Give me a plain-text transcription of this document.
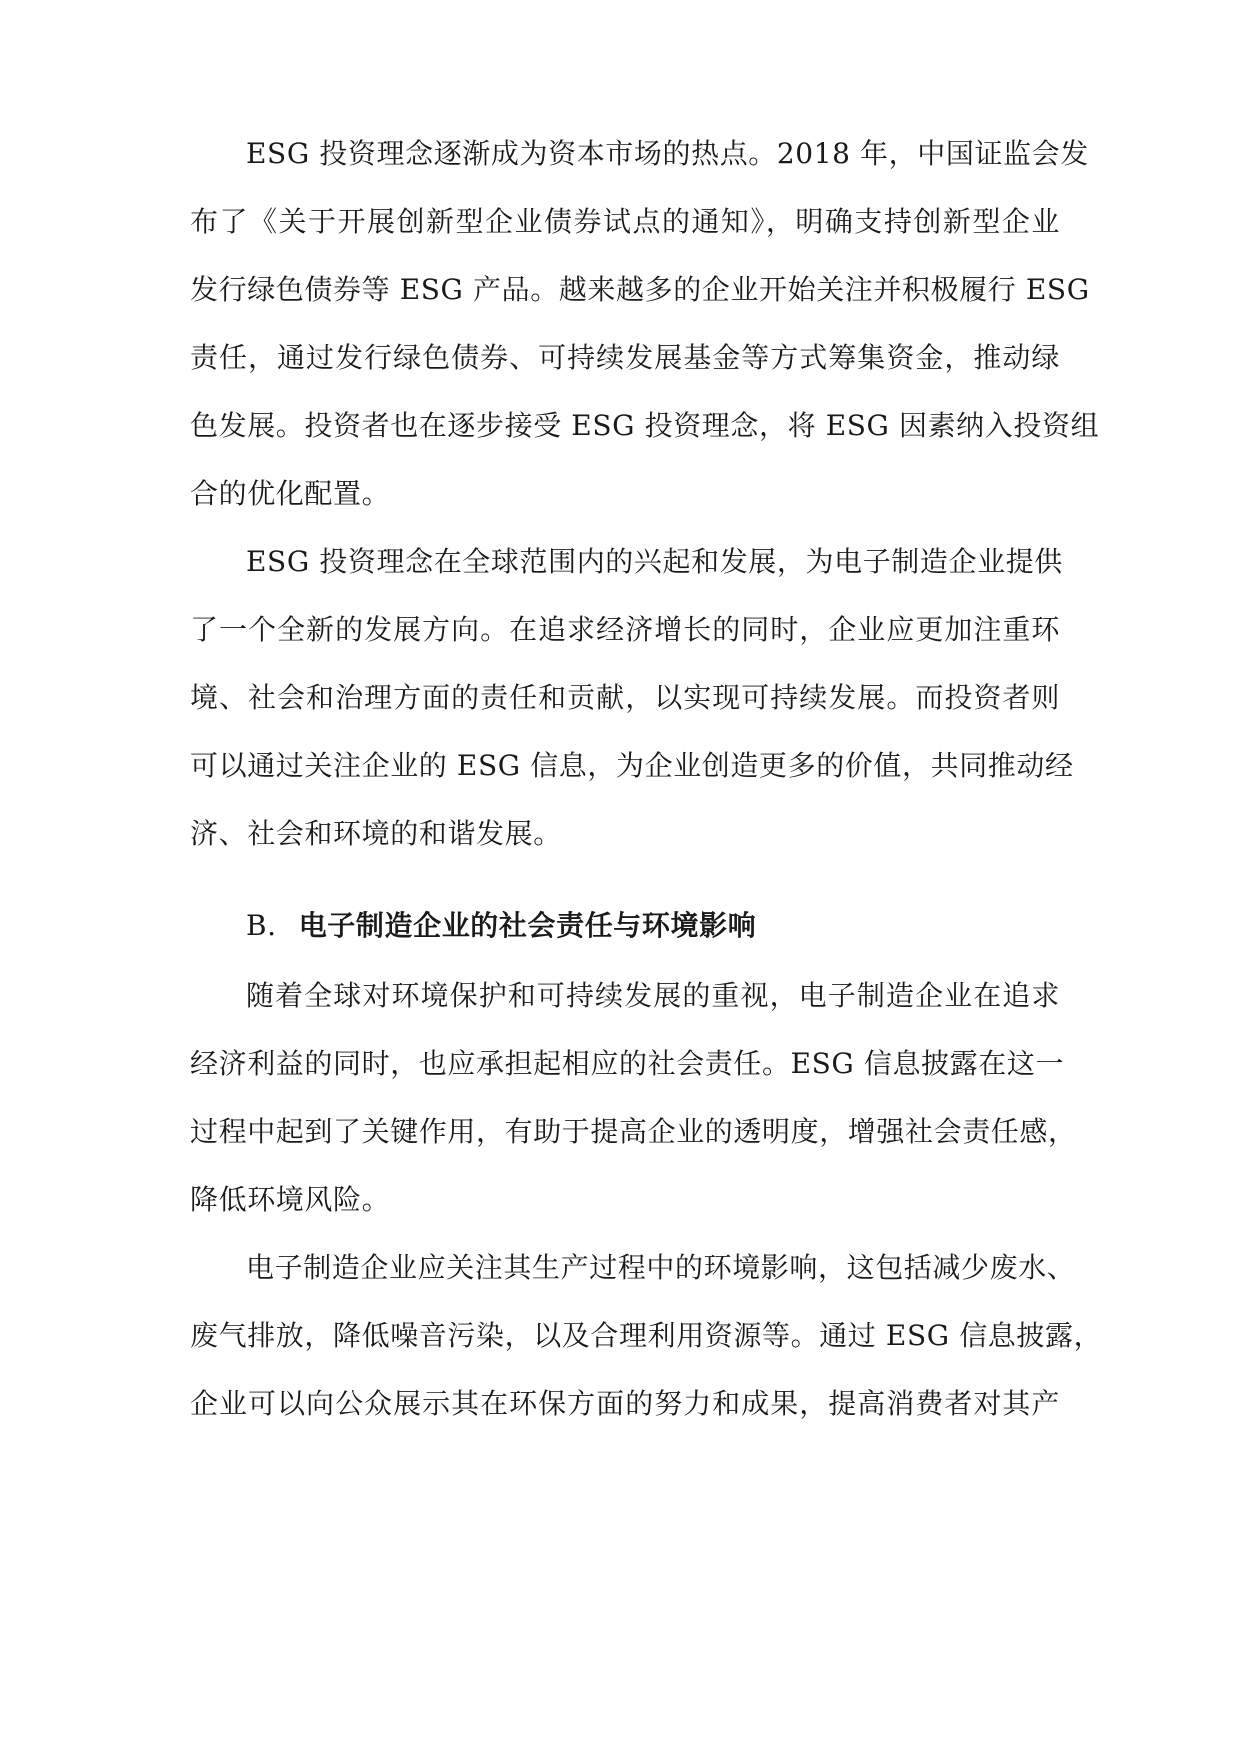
ESG 投资理念逐渐成为资本市场的热点。2018 年，中国证监会发
布了《关于开展创新型企业债券试点的通知》，明确支持创新型企业
发行绿色债券等 ESG 产品。越来越多的企业开始关注并积极履行 ESG
责任，通过发行绿色债券、可持续发展基金等方式筹集资金，推动绿
色发展。投资者也在逐步接受 ESG 投资理念，将 ESG 因素纳入投资组
合的优化配置。
ESG 投资理念在全球范围内的兴起和发展，为电子制造企业提供
了一个全新的发展方向。在追求经济增长的同时，企业应更加注重环
境、社会和治理方面的责任和贡献，以实现可持续发展。而投资者则
可以通过关注企业的 ESG 信息，为企业创造更多的价值，共同推动经
济、社会和环境的和谐发展。
B. 电子制造企业的社会责任与环境影响
随着全球对环境保护和可持续发展的重视，电子制造企业在追求
经济利益的同时，也应承担起相应的社会责任。ESG 信息披露在这一
过程中起到了关键作用，有助于提高企业的透明度，增强社会责任感，
降低环境风险。
电子制造企业应关注其生产过程中的环境影响，这包括减少废水、
废气排放，降低噪音污染，以及合理利用资源等。通过 ESG 信息披露，
企业可以向公众展示其在环保方面的努力和成果，提高消费者对其产
